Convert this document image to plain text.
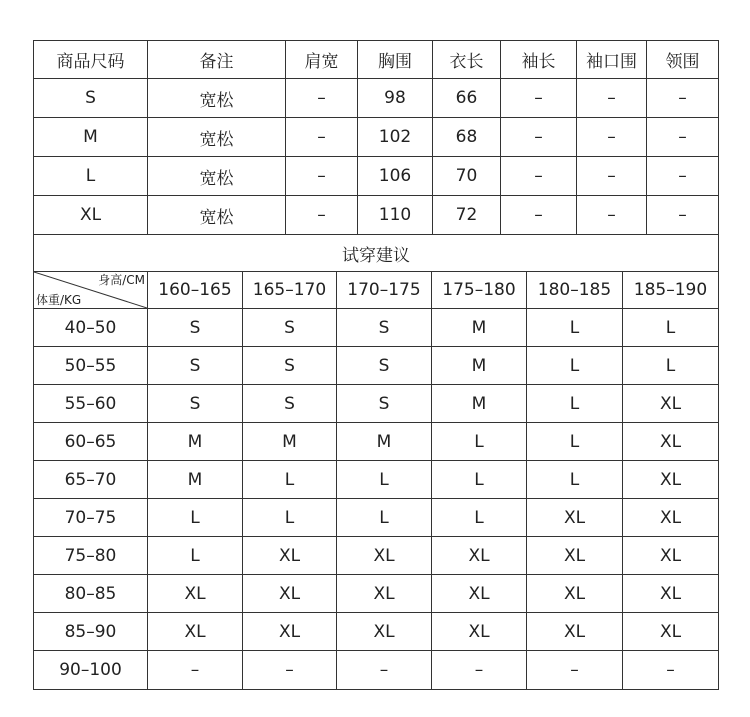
商品尺码	备注	肩宽	胸围	衣长	袖长	袖口围	领围
S	宽松	–	98	66	–	–	–
M	宽松	–	102	68	–	–	–
L	宽松	–	106	70	–	–	–
XL	宽松	–	110	72	–	–	–
试穿建议							
身高/CM
体重/KG	160–165	165–170	170–175	175–180	180–185	185–190
40–50	S	S	S	M	L	L
50–55	S	S	S	M	L	L
55–60	S	S	S	M	L	XL
60–65	M	M	M	L	L	XL
65–70	M	L	L	L	L	XL
70–75	L	L	L	L	XL	XL
75–80	L	XL	XL	XL	XL	XL
80–85	XL	XL	XL	XL	XL	XL
85–90	XL	XL	XL	XL	XL	XL
90–100	–	–	–	–	–	–
